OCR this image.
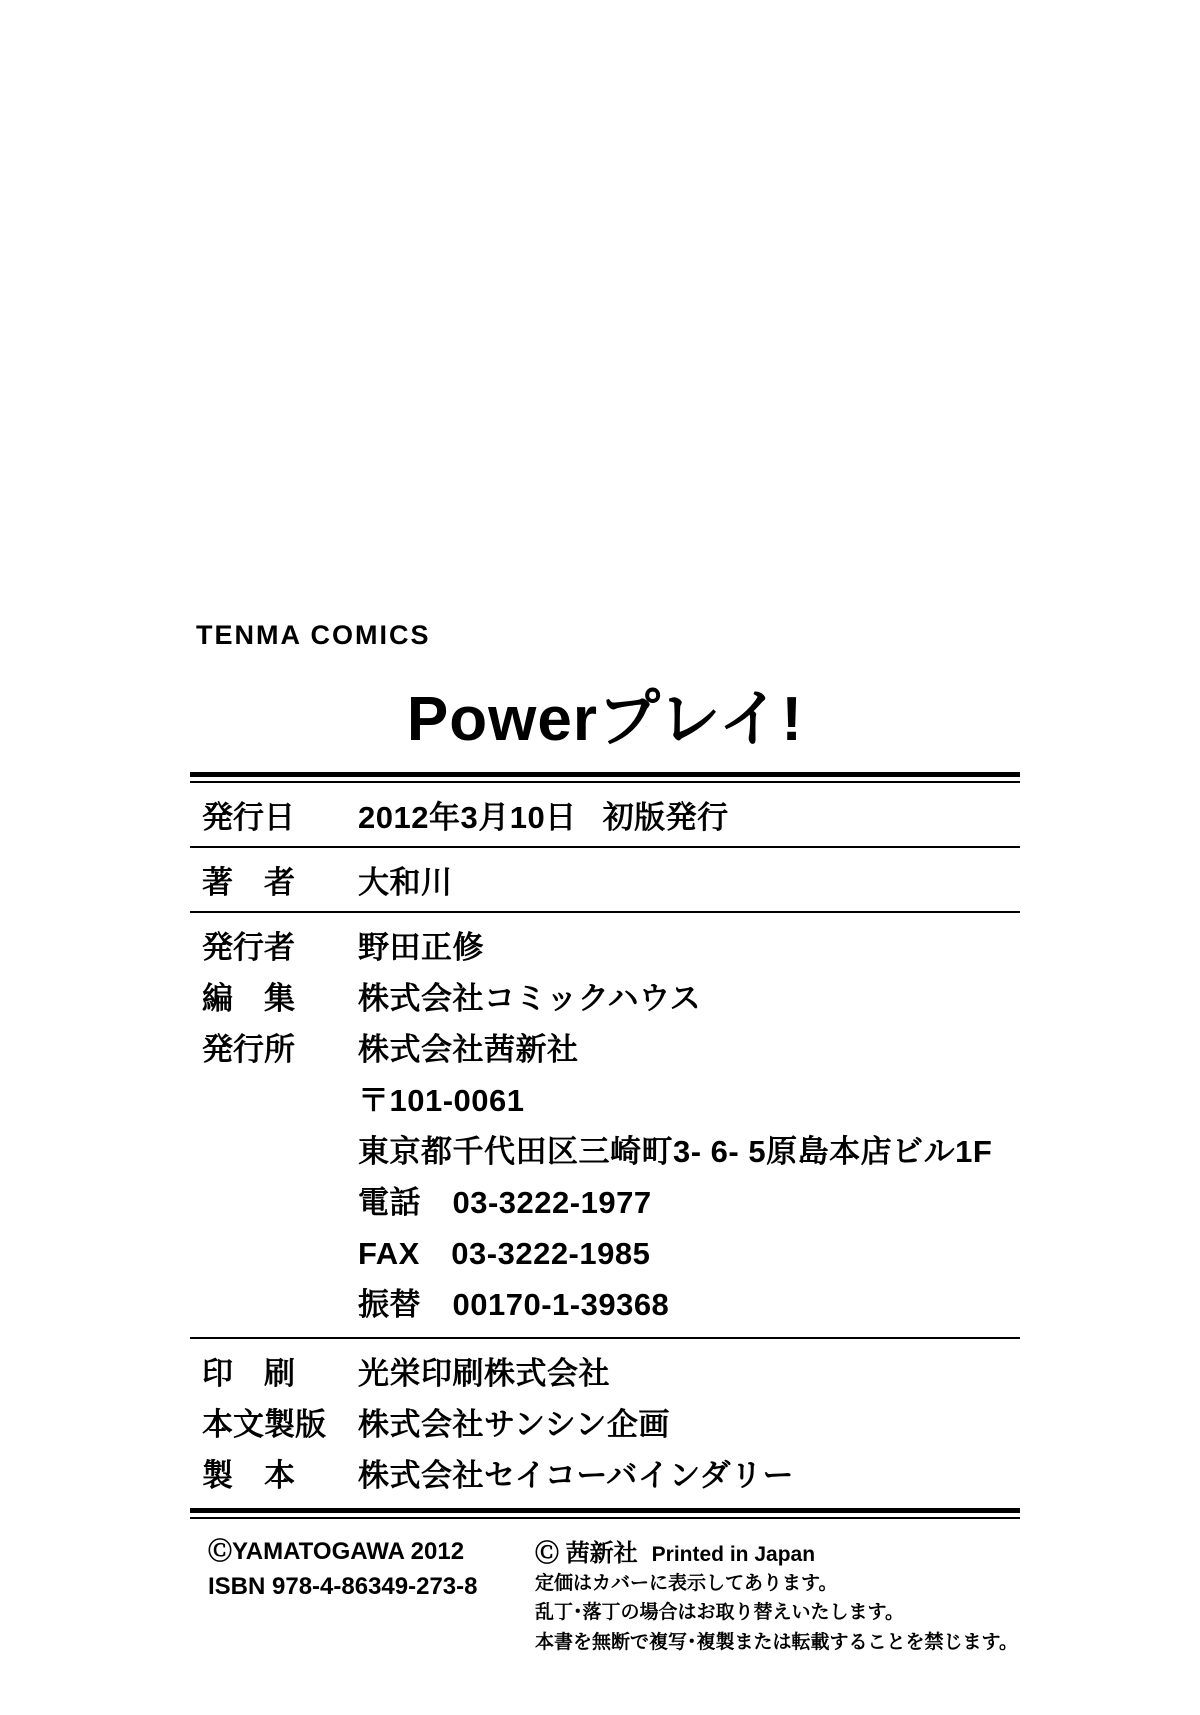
TENMA COMICS
Powerプレイ!
発行日	2012年3月10日 初版発行
著　者	大和川
発行者	野田正修
編　集	株式会社コミックハウス
発行所	株式会社茜新社
〒101-0061
東京都千代田区三崎町3- 6- 5原島本店ビル1F
電話　03-3222-1977
FAX　03-3222-1985
振替　00170-1-39368
印　刷	光栄印刷株式会社
本文製版	株式会社サンシン企画
製　本	株式会社セイコーバインダリー
ⒸYAMATOGAWA 2012
ISBN 978-4-86349-273-8
Ⓒ 茜新社 Printed in Japan
定価はカバーに表示してあります。
乱丁･落丁の場合はお取り替えいたします。
本書を無断で複写･複製または転載することを禁じます。
